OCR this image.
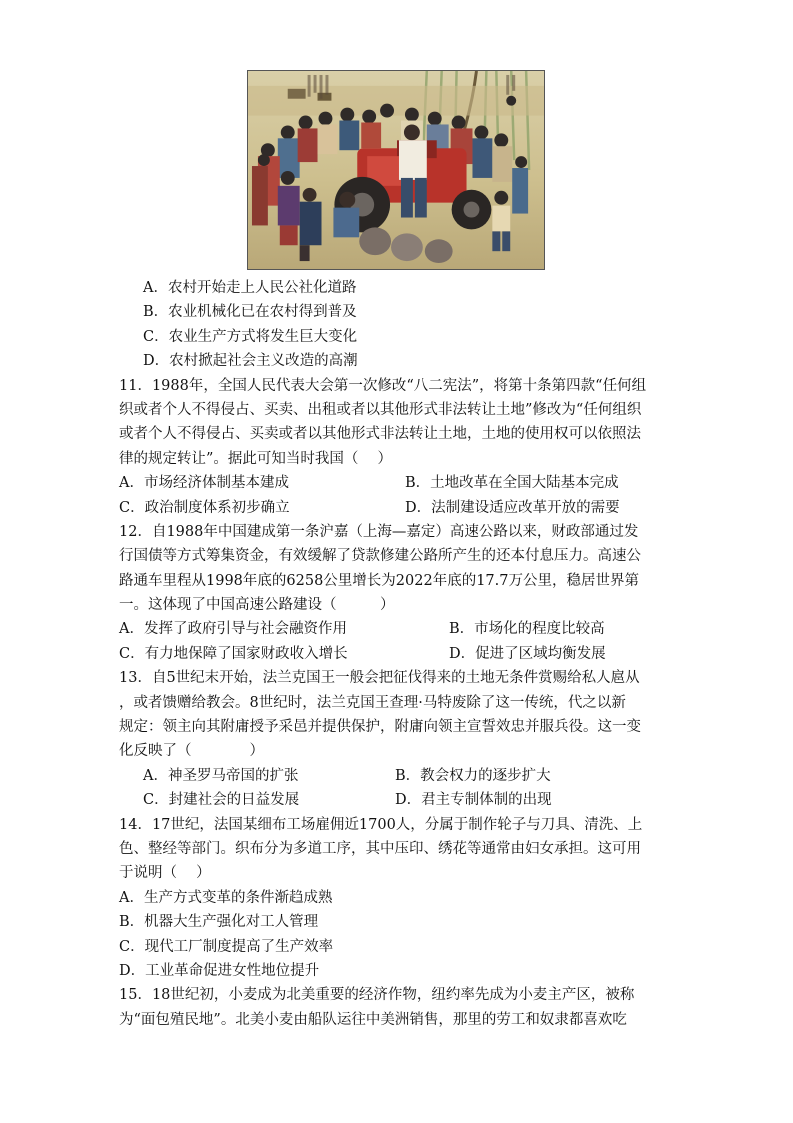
A．农村开始走上人民公社化道路
B．农业机械化已在农村得到普及
C．农业生产方式将发生巨大变化
D．农村掀起社会主义改造的高潮
11．1988年，全国人民代表大会第一次修改“八二宪法”，将第十条第四款“任何组
织或者个人不得侵占、买卖、出租或者以其他形式非法转让土地”修改为“任何组织
或者个人不得侵占、买卖或者以其他形式非法转让土地，土地的使用权可以依照法
律的规定转让”。据此可知当时我国（　 ）
A．市场经济体制基本建成	B．土地改革在全国大陆基本完成
C．政治制度体系初步确立	D．法制建设适应改革开放的需要
12．自1988年中国建成第一条沪嘉（上海—嘉定）高速公路以来，财政部通过发
行国债等方式筹集资金，有效缓解了贷款修建公路所产生的还本付息压力。高速公
路通车里程从1998年底的6258公里增长为2022年底的17.7万公里，稳居世界第
一。这体现了中国高速公路建设（　　　）
A．发挥了政府引导与社会融资作用	B．市场化的程度比较高
C．有力地保障了国家财政收入增长	D．促进了区域均衡发展
13．自5世纪末开始，法兰克国王一般会把征伐得来的土地无条件赏赐给私人扈从
，或者馈赠给教会。8世纪时，法兰克国王查理·马特废除了这一传统，代之以新
规定：领主向其附庸授予采邑并提供保护，附庸向领主宣誓效忠并服兵役。这一变
化反映了（　　　　）
A．神圣罗马帝国的扩张	B．教会权力的逐步扩大
C．封建社会的日益发展	D．君主专制体制的出现
14．17世纪，法国某细布工场雇佣近1700人，分属于制作轮子与刀具、清洗、上
色、整经等部门。织布分为多道工序，其中压印、绣花等通常由妇女承担。这可用
于说明（　 ）
A．生产方式变革的条件渐趋成熟
B．机器大生产强化对工人管理
C．现代工厂制度提高了生产效率
D．工业革命促进女性地位提升
15．18世纪初，小麦成为北美重要的经济作物，纽约率先成为小麦主产区，被称
为“面包殖民地”。北美小麦由船队运往中美洲销售，那里的劳工和奴隶都喜欢吃
